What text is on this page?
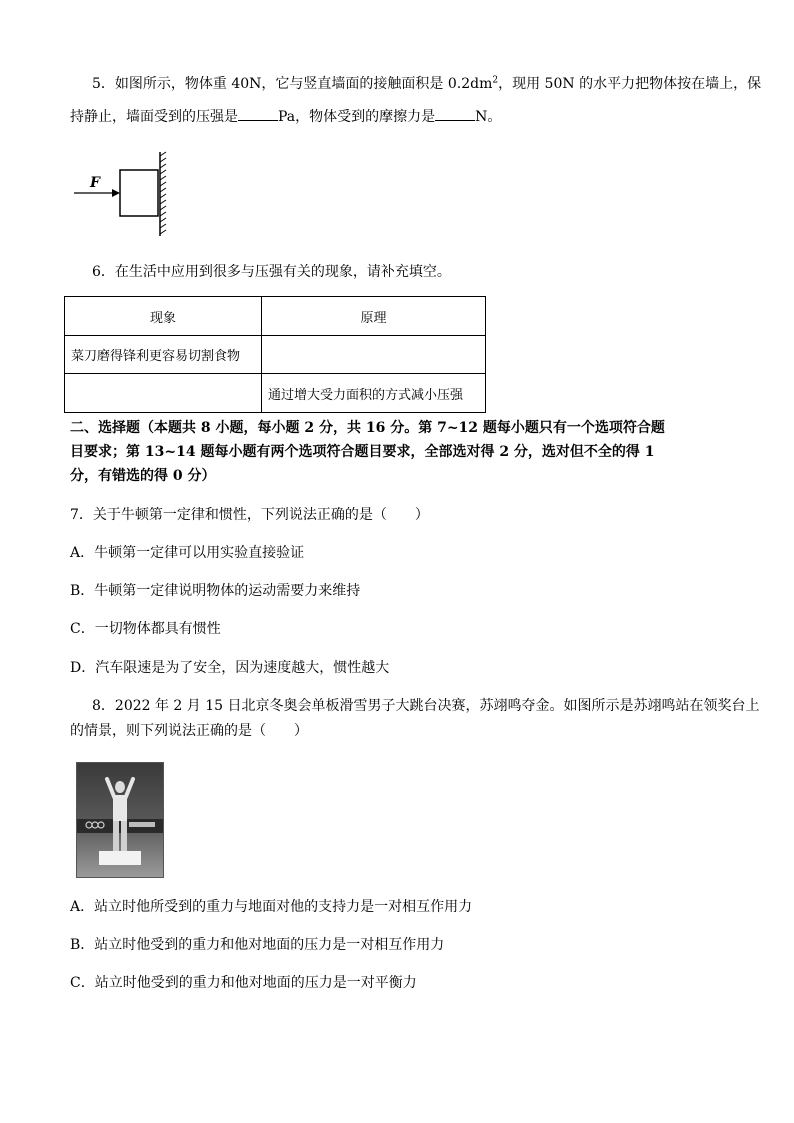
5．如图所示，物体重 40N，它与竖直墙面的接触面积是 $0.2dm^2$，现用 50N 的水平力把物体按在墙上，保
持静止，墙面受到的压强是	Pa，物体受到的摩擦力是	N。
F
6．在生活中应用到很多与压强有关的现象，请补充填空。
现象	原理
菜刀磨得锋利更容易切割食物	
	通过增大受力面积的方式减小压强
二、选择题（本题共 8 小题，每小题 2 分，共 16 分。第 7~12 题每小题只有一个选项符合题
目要求；第 13~14 题每小题有两个选项符合题目要求，全部选对得 2 分，选对但不全的得 1
分，有错选的得 0 分）
7．关于牛顿第一定律和惯性，下列说法正确的是（　　）
A．牛顿第一定律可以用实验直接验证
B．牛顿第一定律说明物体的运动需要力来维持
C．一切物体都具有惯性
D．汽车限速是为了安全，因为速度越大，惯性越大
8．2022 年 2 月 15 日北京冬奥会单板滑雪男子大跳台决赛，苏翊鸣夺金。如图所示是苏翊鸣站在领奖台上
的情景，则下列说法正确的是（　　）
A．站立时他所受到的重力与地面对他的支持力是一对相互作用力
B．站立时他受到的重力和他对地面的压力是一对相互作用力
C．站立时他受到的重力和他对地面的压力是一对平衡力
